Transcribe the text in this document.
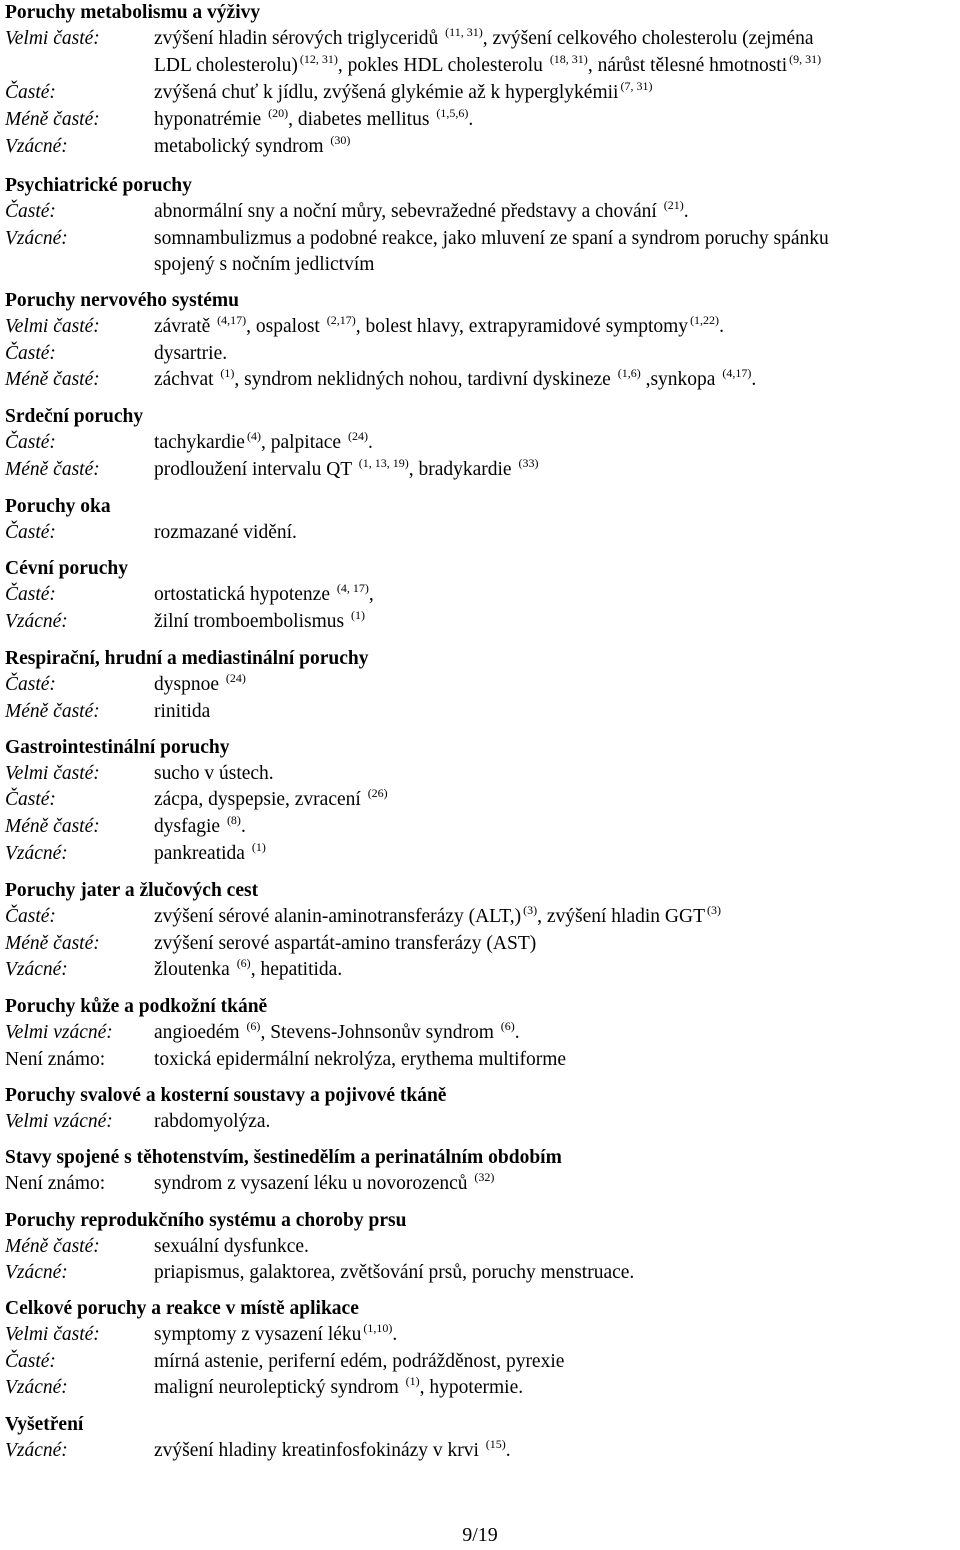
Poruchy metabolismu a výživy
Velmi časté:	zvýšení hladin sérových triglyceridů $^{(11, 31)}$, zvýšení celkového cholesterolu (zejména
LDL cholesterolu) $^{(12, 31)}$, pokles HDL cholesterolu $^{(18, 31)}$, nárůst tělesné hmotnosti $^{(9, 31)}$
Časté:	zvýšená chuť k jídlu, zvýšená glykémie až k hyperglykémii $^{(7, 31)}$
Méně časté:	hyponatrémie $^{(20)}$, diabetes mellitus $^{(1,5,6)}$.
Vzácné:	metabolický syndrom $^{(30)}$
Psychiatrické poruchy
Časté:	abnormální sny a noční můry, sebevražedné představy a chování $^{(21)}$.
Vzácné:	somnambulizmus a podobné reakce, jako mluvení ze spaní a syndrom poruchy spánku
spojený s nočním jedlictvím
Poruchy nervového systému
Velmi časté:	závratě $^{(4,17)}$, ospalost $^{(2,17)}$, bolest hlavy, extrapyramidové symptomy $^{(1,22)}$.
Časté:	dysartrie.
Méně časté:	záchvat $^{(1)}$, syndrom neklidných nohou, tardivní dyskineze $^{(1,6)}$ ,synkopa $^{(4,17)}$.
Srdeční poruchy
Časté:	tachykardie $^{(4)}$, palpitace $^{(24)}$.
Méně časté:	prodloužení intervalu QT $^{(1, 13, 19)}$, bradykardie $^{(33)}$
Poruchy oka
Časté:	rozmazané vidění.
Cévní poruchy
Časté:	ortostatická hypotenze $^{(4, 17)}$,
Vzácné:	žilní tromboembolismus $^{(1)}$
Respirační, hrudní a mediastinální poruchy
Časté:	dyspnoe $^{(24)}$
Méně časté:	rinitida
Gastrointestinální poruchy
Velmi časté:	sucho v ústech.
Časté:	zácpa, dyspepsie, zvracení $^{(26)}$
Méně časté:	dysfagie $^{(8)}$.
Vzácné:	pankreatida $^{(1)}$
Poruchy jater a žlučových cest
Časté:	zvýšení sérové alanin-aminotransferázy (ALT,) $^{(3)}$, zvýšení hladin GGT $^{(3)}$
Méně časté:	zvýšení serové aspartát-amino transferázy (AST)
Vzácné:	žloutenka $^{(6)}$, hepatitida.
Poruchy kůže a podkožní tkáně
Velmi vzácné:	angioedém $^{(6)}$, Stevens-Johnsonův syndrom $^{(6)}$.
Není známo:	toxická epidermální nekrolýza, erythema multiforme
Poruchy svalové a kosterní soustavy a pojivové tkáně
Velmi vzácné:	rabdomyolýza.
Stavy spojené s těhotenstvím, šestinedělím a perinatálním obdobím
Není známo:	syndrom z vysazení léku u novorozenců $^{(32)}$
Poruchy reprodukčního systému a choroby prsu
Méně časté:	sexuální dysfunkce.
Vzácné:	priapismus, galaktorea, zvětšování prsů, poruchy menstruace.
Celkové poruchy a reakce v místě aplikace
Velmi časté:	symptomy z vysazení léku $^{(1,10)}$.
Časté:	mírná astenie, periferní edém, podrážděnost, pyrexie
Vzácné:	maligní neuroleptický syndrom $^{(1)}$, hypotermie.
Vyšetření
Vzácné:	zvýšení hladiny kreatinfosfokinázy v krvi $^{(15)}$.
9/19
